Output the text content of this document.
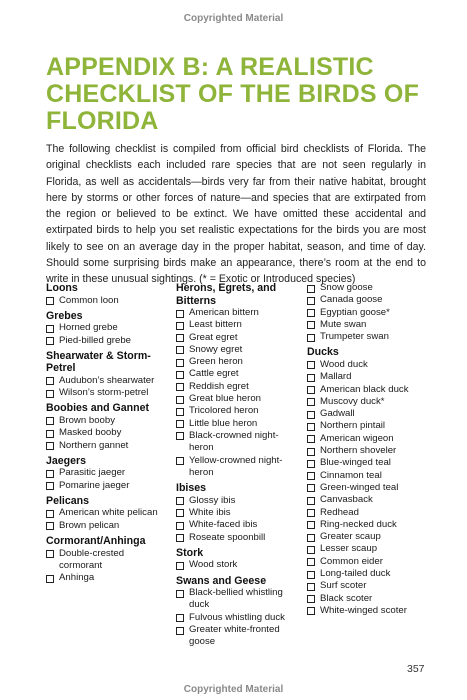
Copyrighted Material
APPENDIX B: A REALISTIC CHECKLIST OF THE BIRDS OF FLORIDA

The following checklist is compiled from official bird checklists of Florida. The original checklists each included rare species that are not seen regularly in Florida, as well as accidentals—birds very far from their native habitat, brought here by storms or other forces of nature—and species that are extirpated from the region or believed to be extinct. We have omitted these accidental and extirpated birds to help you set realistic expectations for the birds you are most likely to see on an average day in the proper habitat, season, and time of day. Should some surprising birds make an appearance, there’s room at the end to write in these unusual sightings. (* = Exotic or Introduced species)

Loons
Common loon
Grebes
Horned grebe
Pied-billed grebe
Shearwater & Storm-Petrel
Audubon’s shearwater
Wilson’s storm-petrel
Boobies and Gannet
Brown booby
Masked booby
Northern gannet
Jaegers
Parasitic jaeger
Pomarine jaeger
Pelicans
American white pelican
Brown pelican
Cormorant/Anhinga
Double-crested cormorant
Anhinga
Herons, Egrets, and Bitterns
American bittern
Least bittern
Great egret
Snowy egret
Green heron
Cattle egret
Reddish egret
Great blue heron
Tricolored heron
Little blue heron
Black-crowned night-heron
Yellow-crowned night-heron
Ibises
Glossy ibis
White ibis
White-faced ibis
Roseate spoonbill
Stork
Wood stork
Swans and Geese
Black-bellied whistling duck
Fulvous whistling duck
Greater white-fronted goose
Snow goose
Canada goose
Egyptian goose*
Mute swan
Trumpeter swan
Ducks
Wood duck
Mallard
American black duck
Muscovy duck*
Gadwall
Northern pintail
American wigeon
Northern shoveler
Blue-winged teal
Cinnamon teal
Green-winged teal
Canvasback
Redhead
Ring-necked duck
Greater scaup
Lesser scaup
Common eider
Long-tailed duck
Surf scoter
Black scoter
White-winged scoter
357
Copyrighted Material
